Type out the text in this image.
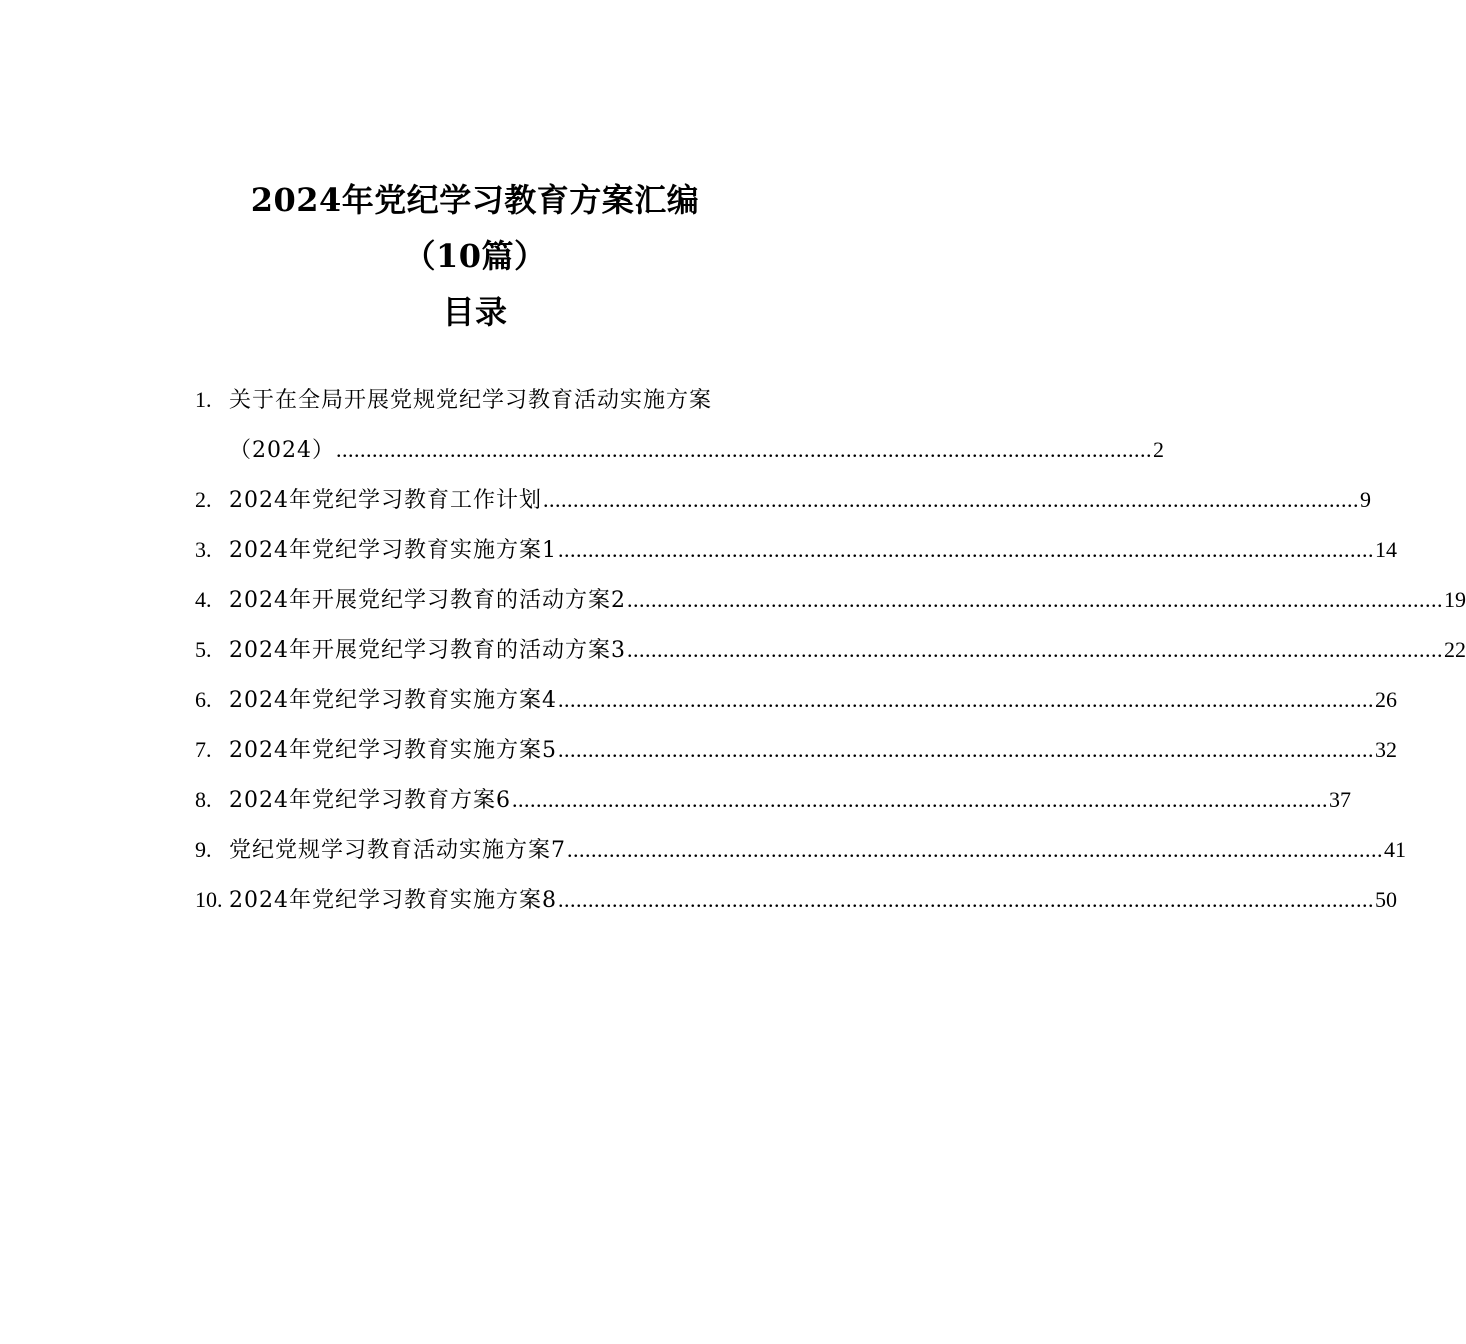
2024年党纪学习教育方案汇编
（10篇）
目录
1. 关于在全局开展党规党纪学习教育活动实施方案
（2024） ........................................................................................................................................ 2
2. 2024年党纪学习教育工作计划 ........................................................................................................................................ 9
3. 2024年党纪学习教育实施方案1 ........................................................................................................................................ 14
4. 2024年开展党纪学习教育的活动方案2 ........................................................................................................................................ 19
5. 2024年开展党纪学习教育的活动方案3 ........................................................................................................................................ 22
6. 2024年党纪学习教育实施方案4 ........................................................................................................................................ 26
7. 2024年党纪学习教育实施方案5 ........................................................................................................................................ 32
8. 2024年党纪学习教育方案6 ........................................................................................................................................ 37
9. 党纪党规学习教育活动实施方案7 ........................................................................................................................................ 41
10. 2024年党纪学习教育实施方案8 ........................................................................................................................................ 50
